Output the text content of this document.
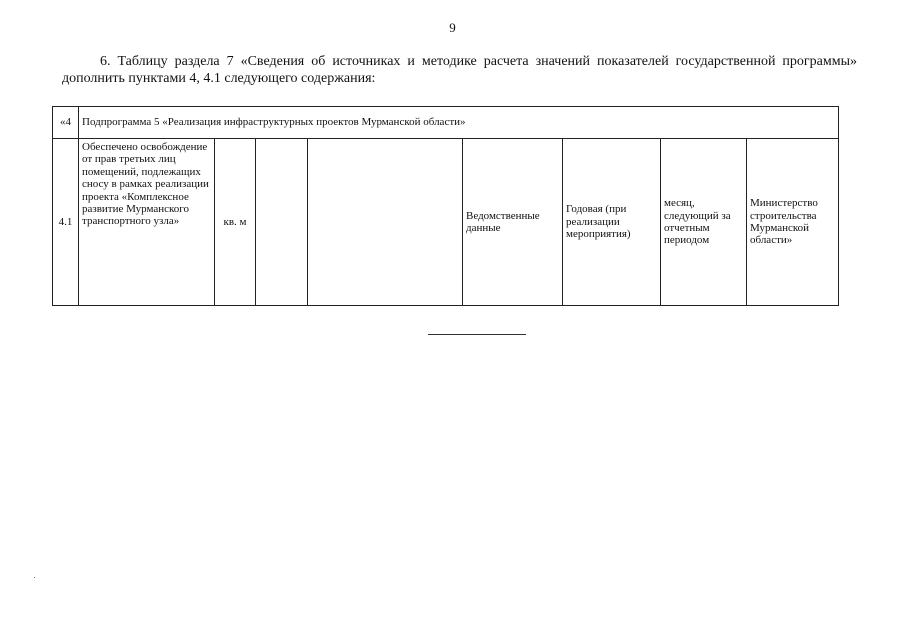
9

6. Таблицу раздела 7 «Сведения об источниках и методике расчета значений показателей государственной программы» дополнить пунктами 4, 4.1 следующего содержания:

«4	Подпрограмма 5 «Реализация инфраструктурных проектов Мурманской области»							
4.1	Обеспечено освобождение от прав третьих лиц помещений, подлежащих сносу в рамках реализации проекта «Комплексное развитие Мурманского транспортного узла»	кв. м			Ведомственные данные	Годовая (при реализации мероприятия)	месяц, следующий за отчетным периодом	Министерство строительства Мурманской области»
